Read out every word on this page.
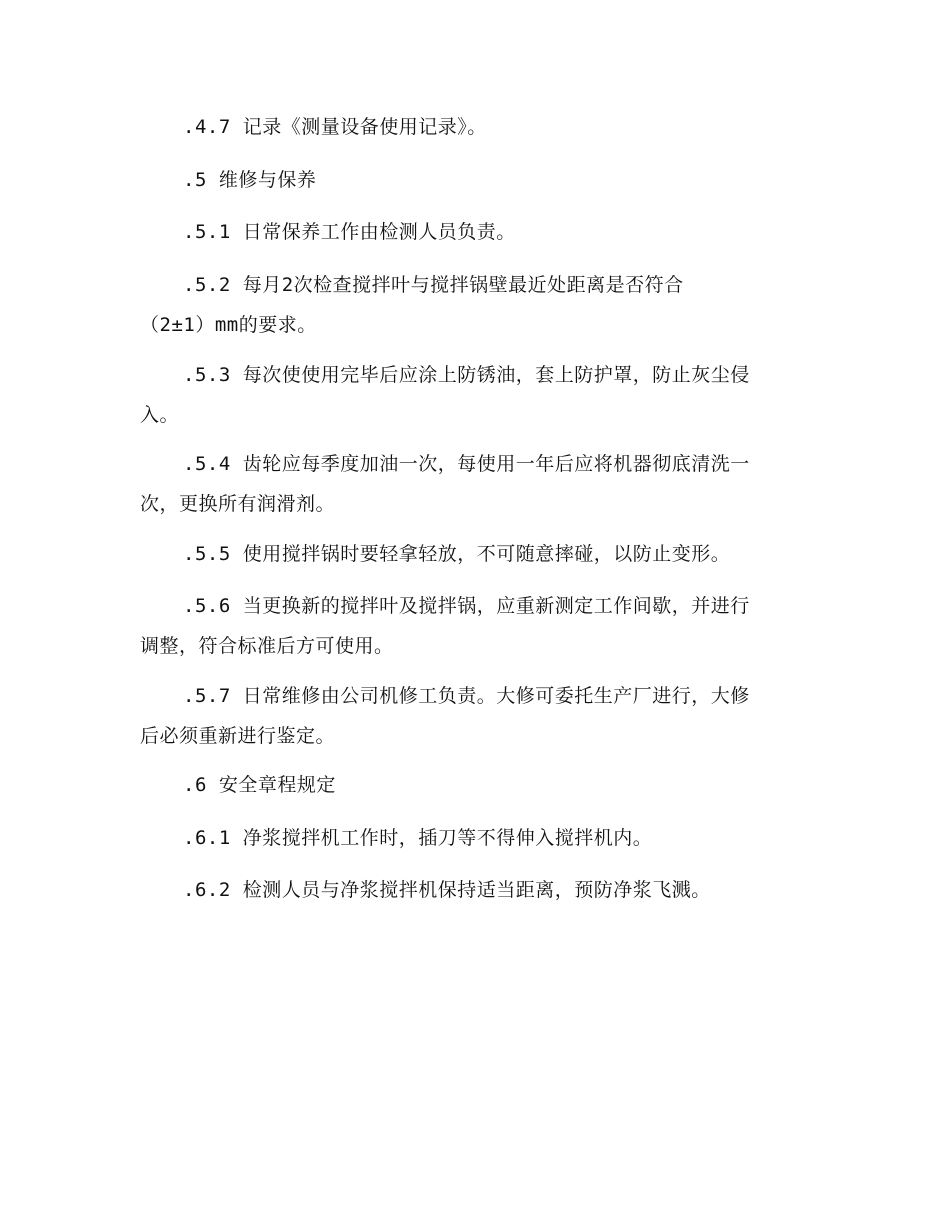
.4.7 记录《测量设备使用记录》。

.5 维修与保养

.5.1 日常保养工作由检测人员负责。

.5.2 每月2次检查搅拌叶与搅拌锅壁最近处距离是否符合
（2±1）mm的要求。

.5.3 每次使使用完毕后应涂上防锈油，套上防护罩，防止灰尘侵
入。

.5.4 齿轮应每季度加油一次，每使用一年后应将机器彻底清洗一
次，更换所有润滑剂。

.5.5 使用搅拌锅时要轻拿轻放，不可随意摔碰，以防止变形。

.5.6 当更换新的搅拌叶及搅拌锅，应重新测定工作间歇，并进行
调整，符合标准后方可使用。

.5.7 日常维修由公司机修工负责。大修可委托生产厂进行，大修
后必须重新进行鉴定。

.6 安全章程规定

.6.1 净浆搅拌机工作时，插刀等不得伸入搅拌机内。

.6.2 检测人员与净浆搅拌机保持适当距离，预防净浆飞溅。
